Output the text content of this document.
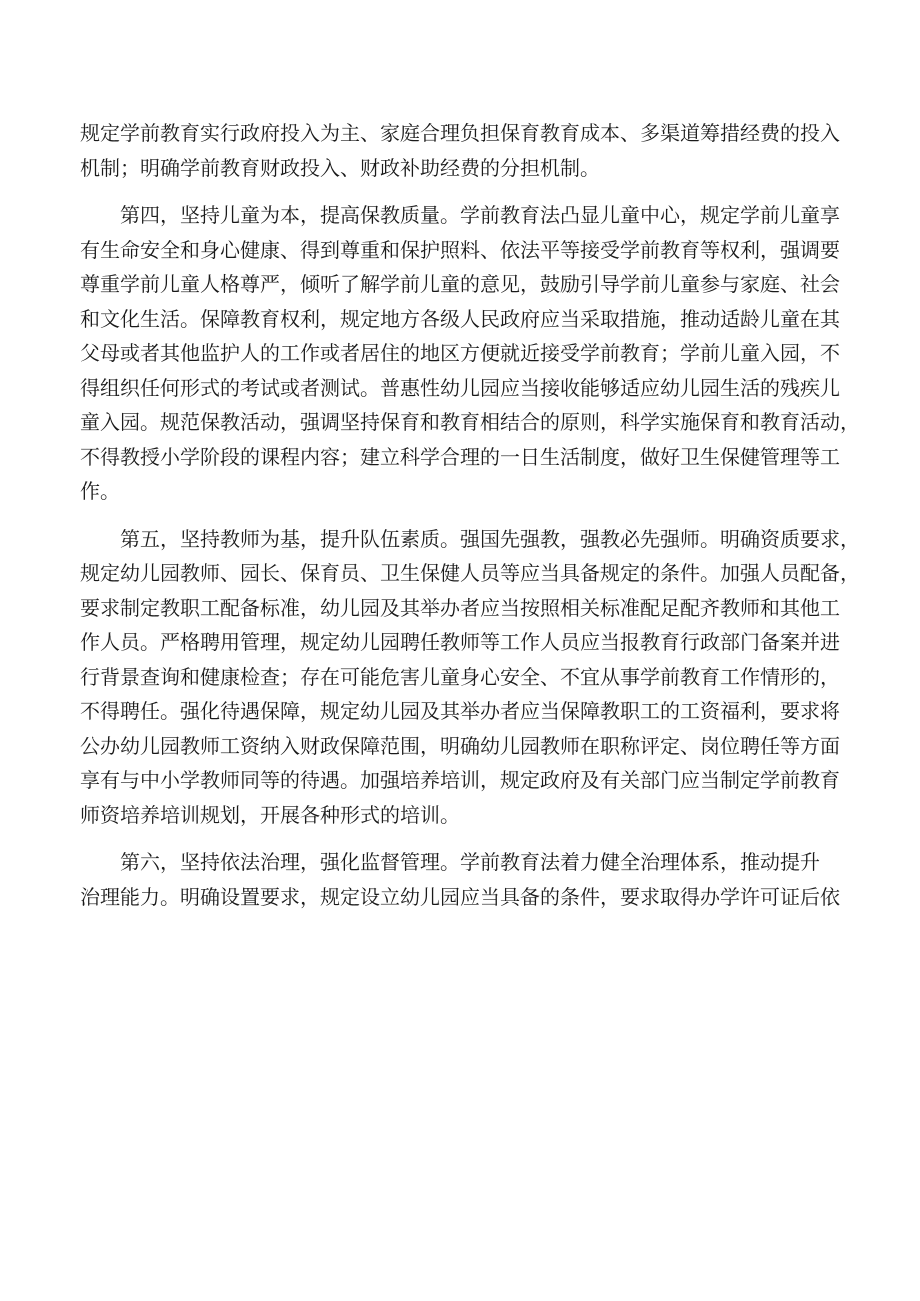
规定学前教育实行政府投入为主、家庭合理负担保育教育成本、多渠道筹措经费的投入
机制；明确学前教育财政投入、财政补助经费的分担机制。
第四，坚持儿童为本，提高保教质量。学前教育法凸显儿童中心，规定学前儿童享
有生命安全和身心健康、得到尊重和保护照料、依法平等接受学前教育等权利，强调要
尊重学前儿童人格尊严，倾听了解学前儿童的意见，鼓励引导学前儿童参与家庭、社会
和文化生活。保障教育权利，规定地方各级人民政府应当采取措施，推动适龄儿童在其
父母或者其他监护人的工作或者居住的地区方便就近接受学前教育；学前儿童入园，不
得组织任何形式的考试或者测试。普惠性幼儿园应当接收能够适应幼儿园生活的残疾儿
童入园。规范保教活动，强调坚持保育和教育相结合的原则，科学实施保育和教育活动，
不得教授小学阶段的课程内容；建立科学合理的一日生活制度，做好卫生保健管理等工
作。
第五，坚持教师为基，提升队伍素质。强国先强教，强教必先强师。明确资质要求，
规定幼儿园教师、园长、保育员、卫生保健人员等应当具备规定的条件。加强人员配备，
要求制定教职工配备标准，幼儿园及其举办者应当按照相关标准配足配齐教师和其他工
作人员。严格聘用管理，规定幼儿园聘任教师等工作人员应当报教育行政部门备案并进
行背景查询和健康检查；存在可能危害儿童身心安全、不宜从事学前教育工作情形的，
不得聘任。强化待遇保障，规定幼儿园及其举办者应当保障教职工的工资福利，要求将
公办幼儿园教师工资纳入财政保障范围，明确幼儿园教师在职称评定、岗位聘任等方面
享有与中小学教师同等的待遇。加强培养培训，规定政府及有关部门应当制定学前教育
师资培养培训规划，开展各种形式的培训。
第六，坚持依法治理，强化监督管理。学前教育法着力健全治理体系，推动提升
治理能力。明确设置要求，规定设立幼儿园应当具备的条件，要求取得办学许可证后依
